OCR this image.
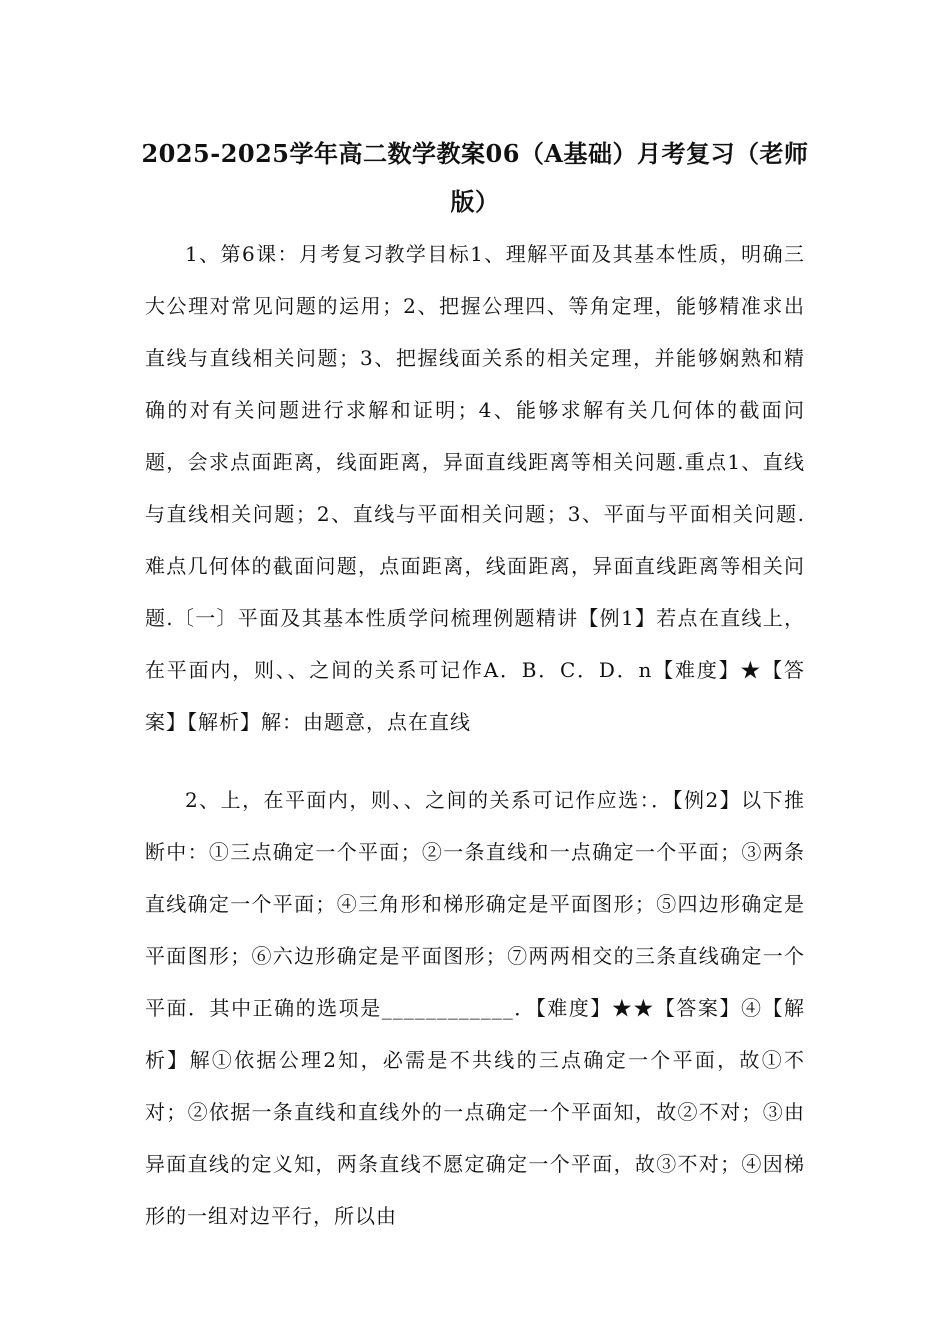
2025-2025学年高二数学教案06（A基础）月考复习（老师版）
1、第6课：月考复习教学目标1、理解平面及其基本性质，明确三大公理对常见问题的运用；2、把握公理四、等角定理，能够精准求出直线与直线相关问题；3、把握线面关系的相关定理，并能够娴熟和精确的对有关问题进行求解和证明；4、能够求解有关几何体的截面问题，会求点面距离，线面距离，异面直线距离等相关问题.重点1、直线与直线相关问题；2、直线与平面相关问题；3、平面与平面相关问题.难点几何体的截面问题，点面距离，线面距离，异面直线距离等相关问题.〔一〕平面及其基本性质学问梳理例题精讲【例1】若点在直线上，在平面内，则、、之间的关系可记作A．B．C．D．n【难度】★【答案】【解析】解：由题意，点在直线
2、上，在平面内，则、、之间的关系可记作应选：．【例2】以下推断中：①三点确定一个平面；②一条直线和一点确定一个平面；③两条直线确定一个平面；④三角形和梯形确定是平面图形；⑤四边形确定是平面图形；⑥六边形确定是平面图形；⑦两两相交的三条直线确定一个平面．其中正确的选项是____________．【难度】★★【答案】④【解析】解①依据公理2知，必需是不共线的三点确定一个平面，故①不对；②依据一条直线和直线外的一点确定一个平面知，故②不对；③由异面直线的定义知，两条直线不愿定确定一个平面，故③不对；④因梯形的一组对边平行，所以由
